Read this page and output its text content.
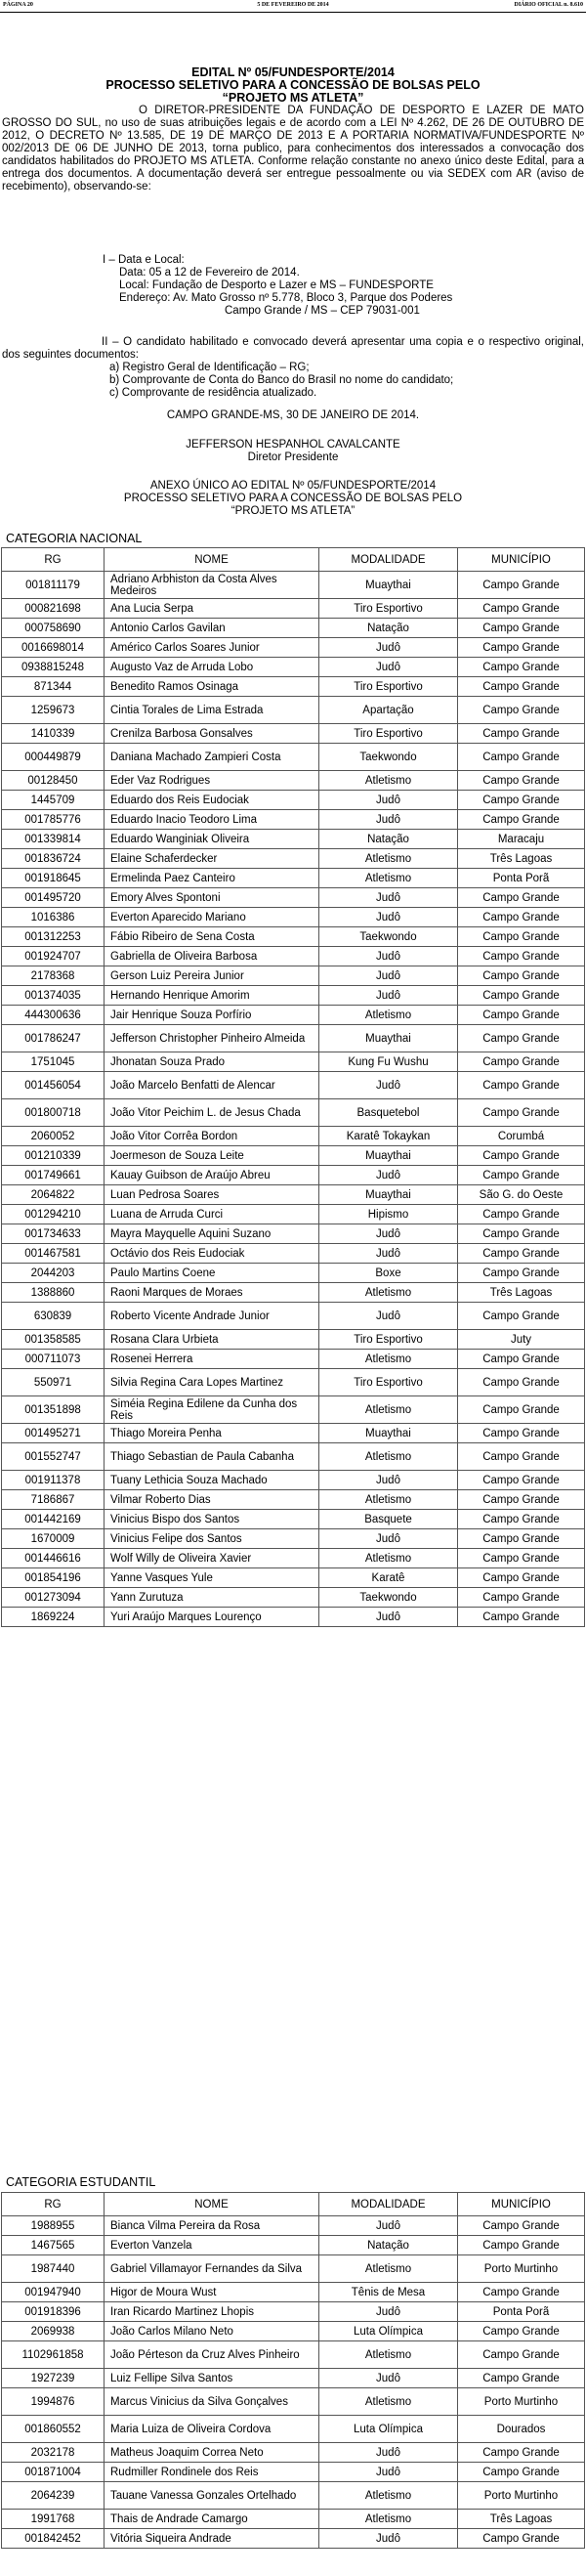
PÁGINA 20	5 DE FEVEREIRO DE 2014	DIÁRIO OFICIAL n. 8.610
EDITAL Nº 05/FUNDESPORTE/2014
PROCESSO SELETIVO PARA A CONCESSÃO DE BOLSAS PELO
“PROJETO MS ATLETA”
O DIRETOR-PRESIDENTE DA FUNDAÇÃO DE DESPORTO E LAZER DE MATO GROSSO DO SUL, no uso de suas atribuições legais e de acordo com a LEI Nº 4.262, DE 26 DE OUTUBRO DE 2012, O DECRETO Nº 13.585, DE 19 DE MARÇO DE 2013 E A PORTARIA NORMATIVA/FUNDESPORTE Nº 002/2013 DE 06 DE JUNHO DE 2013, torna publico, para conhecimentos dos interessados a convocação dos candidatos habilitados do PROJETO MS ATLETA. Conforme relação constante no anexo único deste Edital, para a entrega dos documentos. A documentação deverá ser entregue pessoalmente ou via SEDEX com AR (aviso de recebimento), observando-se:
I – Data e Local:
Data: 05 a 12 de Fevereiro de 2014.
Local: Fundação de Desporto e Lazer e MS – FUNDESPORTE
Endereço: Av. Mato Grosso nº 5.778, Bloco 3, Parque dos Poderes
Campo Grande / MS – CEP 79031-001
II – O candidato habilitado e convocado deverá apresentar uma copia e o respectivo original, dos seguintes documentos:
a) Registro Geral de Identificação – RG;
b) Comprovante de Conta do Banco do Brasil no nome do candidato;
c) Comprovante de residência atualizado.
CAMPO GRANDE-MS, 30 DE JANEIRO DE 2014.
JEFFERSON HESPANHOL CAVALCANTE
Diretor Presidente
ANEXO ÚNICO AO EDITAL Nº 05/FUNDESPORTE/2014
PROCESSO SELETIVO PARA A CONCESSÃO DE BOLSAS PELO
“PROJETO MS ATLETA”
CATEGORIA NACIONAL
RG	NOME	MODALIDADE	MUNICÍPIO
001811179	Adriano Arbhiston da Costa Alves Medeiros	Muaythai	Campo Grande
000821698	Ana Lucia Serpa	Tiro Esportivo	Campo Grande
000758690	Antonio Carlos Gavilan	Natação	Campo Grande
0016698014	Américo Carlos Soares Junior	Judô	Campo Grande
0938815248	Augusto Vaz de Arruda Lobo	Judô	Campo Grande
871344	Benedito Ramos Osinaga	Tiro Esportivo	Campo Grande
1259673	Cintia Torales de Lima Estrada	Apartação	Campo Grande
1410339	Crenilza Barbosa Gonsalves	Tiro Esportivo	Campo Grande
000449879	Daniana Machado Zampieri Costa	Taekwondo	Campo Grande
00128450	Eder Vaz Rodrigues	Atletismo	Campo Grande
1445709	Eduardo dos Reis Eudociak	Judô	Campo Grande
001785776	Eduardo Inacio Teodoro Lima	Judô	Campo Grande
001339814	Eduardo Wanginiak Oliveira	Natação	Maracaju
001836724	Elaine Schaferdecker	Atletismo	Três Lagoas
001918645	Ermelinda Paez Canteiro	Atletismo	Ponta Porã
001495720	Emory Alves Spontoni	Judô	Campo Grande
1016386	Everton Aparecido Mariano	Judô	Campo Grande
001312253	Fábio Ribeiro de Sena Costa	Taekwondo	Campo Grande
001924707	Gabriella de Oliveira Barbosa	Judô	Campo Grande
2178368	Gerson Luiz Pereira Junior	Judô	Campo Grande
001374035	Hernando Henrique Amorim	Judô	Campo Grande
444300636	Jair Henrique Souza Porfírio	Atletismo	Campo Grande
001786247	Jefferson Christopher Pinheiro Almeida	Muaythai	Campo Grande
1751045	Jhonatan Souza Prado	Kung Fu Wushu	Campo Grande
001456054	João Marcelo Benfatti de Alencar	Judô	Campo Grande
001800718	João Vitor Peichim L. de Jesus Chada	Basquetebol	Campo Grande
2060052	João Vitor Corrêa Bordon	Karatê Tokaykan	Corumbá
001210339	Joermeson de Souza Leite	Muaythai	Campo Grande
001749661	Kauay Guibson de Araújo Abreu	Judô	Campo Grande
2064822	Luan Pedrosa Soares	Muaythai	São G. do Oeste
001294210	Luana de Arruda Curci	Hipismo	Campo Grande
001734633	Mayra Mayquelle Aquini Suzano	Judô	Campo Grande
001467581	Octávio dos Reis Eudociak	Judô	Campo Grande
2044203	Paulo Martins Coene	Boxe	Campo Grande
1388860	Raoni Marques de Moraes	Atletismo	Três Lagoas
630839	Roberto Vicente Andrade Junior	Judô	Campo Grande
001358585	Rosana Clara Urbieta	Tiro Esportivo	Juty
000711073	Rosenei Herrera	Atletismo	Campo Grande
550971	Silvia Regina Cara Lopes Martinez	Tiro Esportivo	Campo Grande
001351898	Siméia Regina Edilene da Cunha dos Reis	Atletismo	Campo Grande
001495271	Thiago Moreira Penha	Muaythai	Campo Grande
001552747	Thiago Sebastian de Paula Cabanha	Atletismo	Campo Grande
001911378	Tuany Lethicia Souza Machado	Judô	Campo Grande
7186867	Vilmar Roberto Dias	Atletismo	Campo Grande
001442169	Vinicius Bispo dos Santos	Basquete	Campo Grande
1670009	Vinicius Felipe dos Santos	Judô	Campo Grande
001446616	Wolf Willy de Oliveira Xavier	Atletismo	Campo Grande
001854196	Yanne Vasques Yule	Karatê	Campo Grande
001273094	Yann Zurutuza	Taekwondo	Campo Grande
1869224	Yuri Araújo Marques Lourenço	Judô	Campo Grande
CATEGORIA ESTUDANTIL
RG	NOME	MODALIDADE	MUNICÍPIO
1988955	Bianca Vilma Pereira da Rosa	Judô	Campo Grande
1467565	Everton Vanzela	Natação	Campo Grande
1987440	Gabriel Villamayor Fernandes da Silva	Atletismo	Porto Murtinho
001947940	Higor de Moura Wust	Tênis de Mesa	Campo Grande
001918396	Iran Ricardo Martinez Lhopis	Judô	Ponta Porã
2069938	João Carlos Milano Neto	Luta Olímpica	Campo Grande
1102961858	João Pérteson da Cruz Alves Pinheiro	Atletismo	Campo Grande
1927239	Luiz Fellipe Silva Santos	Judô	Campo Grande
1994876	Marcus Vinicius da Silva Gonçalves	Atletismo	Porto Murtinho
001860552	Maria Luiza de Oliveira Cordova	Luta Olímpica	Dourados
2032178	Matheus Joaquim Correa Neto	Judô	Campo Grande
001871004	Rudmiller Rondinele dos Reis	Judô	Campo Grande
2064239	Tauane Vanessa Gonzales Ortelhado	Atletismo	Porto Murtinho
1991768	Thais de Andrade Camargo	Atletismo	Três Lagoas
001842452	Vitória Siqueira Andrade	Judô	Campo Grande
